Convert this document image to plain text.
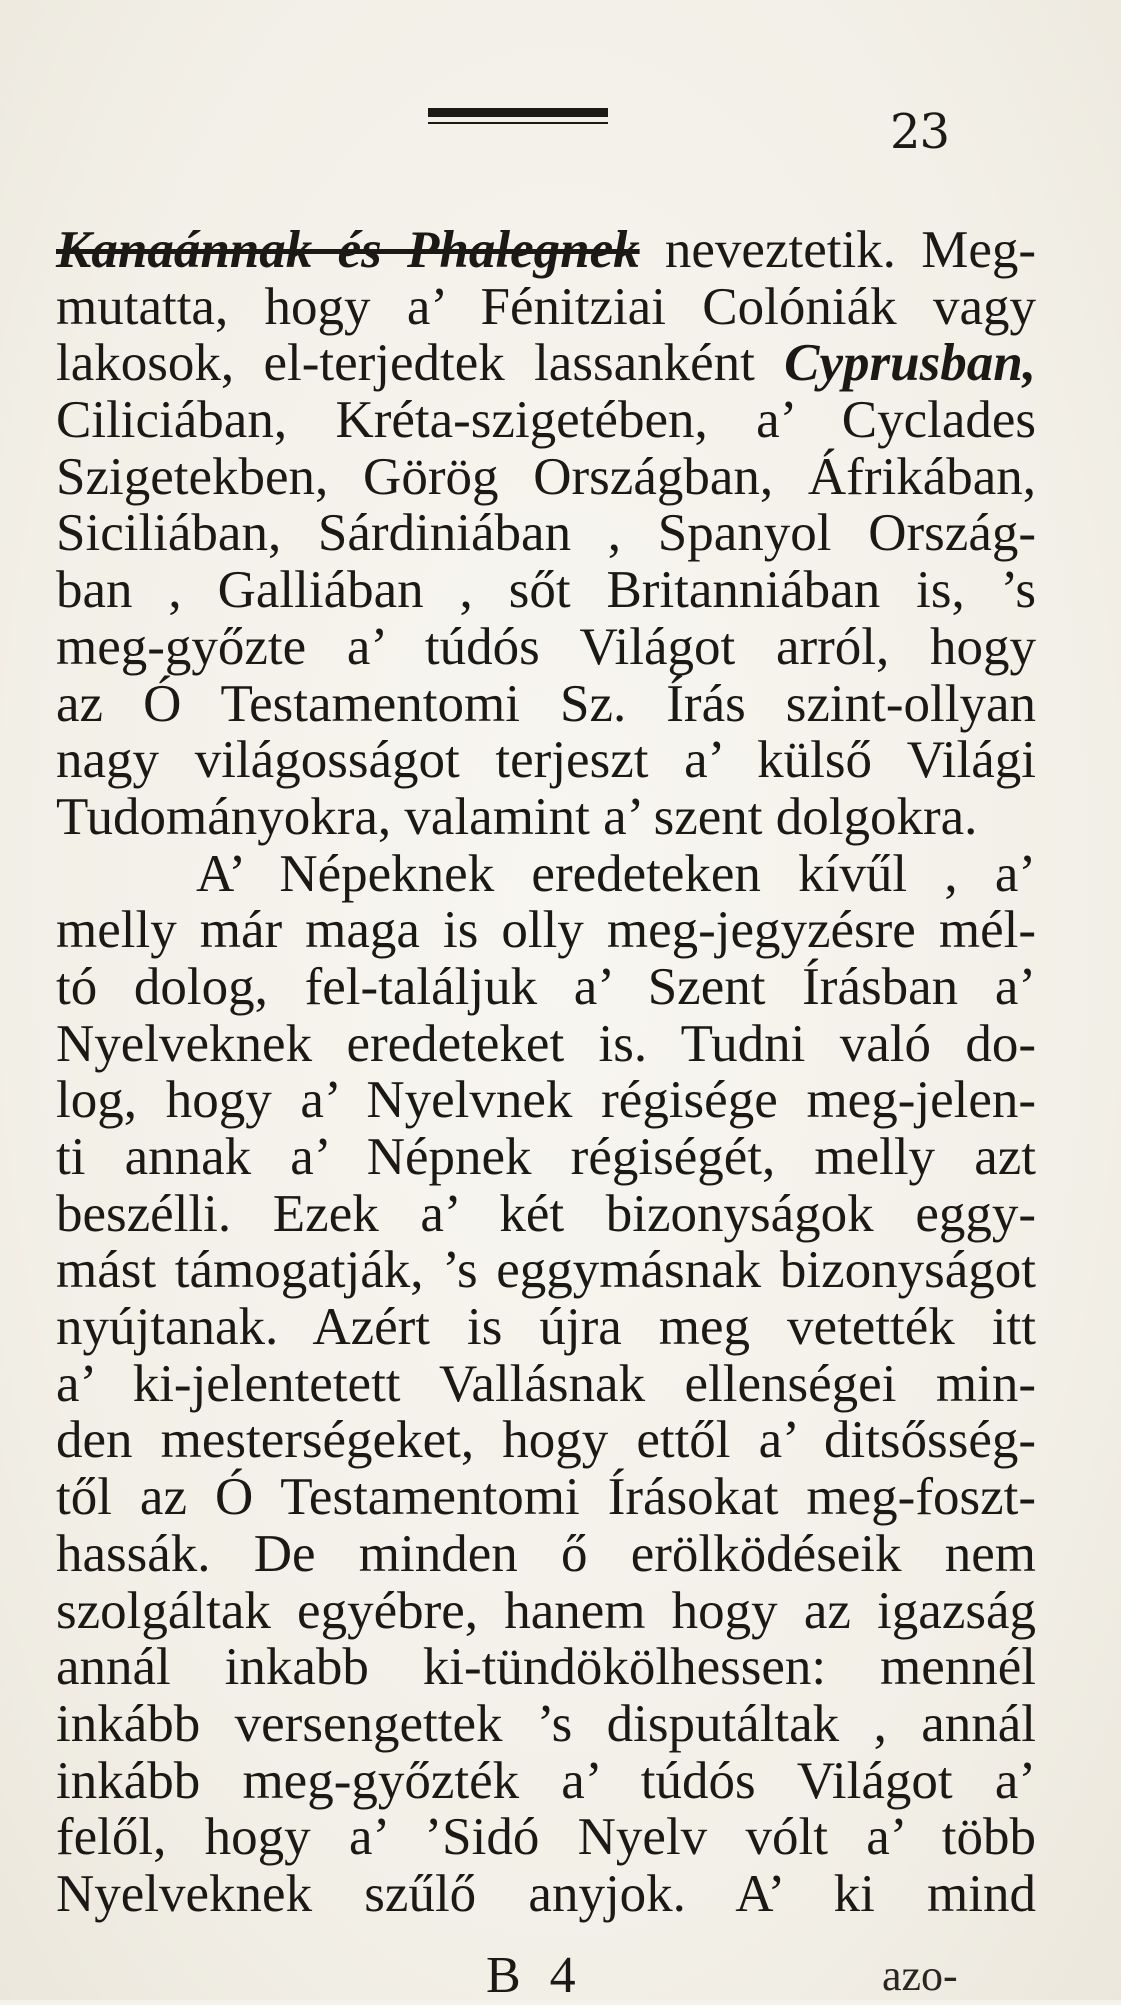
23
Kanaánnak és Phalegnek neveztetik. Meg-
mutatta, hogy a’ Fénitziai Colóniák vagy
lakosok, el-terjedtek lassanként Cyprusban,
Ciliciában, Kréta-szigetében, a’ Cyclades
Szigetekben, Görög Országban, Áfrikában,
Siciliában, Sárdiniában , Spanyol Ország-
ban , Galliában , sőt Britanniában is, ’s
meg-győzte a’ túdós Világot arról, hogy
az Ó Testamentomi Sz. Írás szint-ollyan
nagy világosságot terjeszt a’ külső Világi
Tudományokra, valamint a’ szent dolgokra.
A’ Népeknek eredeteken kívűl , a’
melly már maga is olly meg-jegyzésre mél-
tó dolog, fel-találjuk a’ Szent Írásban a’
Nyelveknek eredeteket is. Tudni való do-
log, hogy a’ Nyelvnek régisége meg-jelen-
ti annak a’ Népnek régiségét, melly azt
beszélli. Ezek a’ két bizonyságok eggy-
mást támogatják, ’s eggymásnak bizonyságot
nyújtanak. Azért is újra meg vetették itt
a’ ki-jelentetett Vallásnak ellenségei min-
den mesterségeket, hogy ettől a’ ditsősség-
től az Ó Testamentomi Írásokat meg-foszt-
hassák. De minden ő erölködéseik nem
szolgáltak egyébre, hanem hogy az igazság
annál inkabb ki-tündökölhessen: mennél
inkább versengettek ’s disputáltak , annál
inkább meg-győzték a’ túdós Világot a’
felől, hogy a’ ’Sidó Nyelv vólt a’ több
Nyelveknek szűlő anyjok. A’ ki mind
B 4	azo-
